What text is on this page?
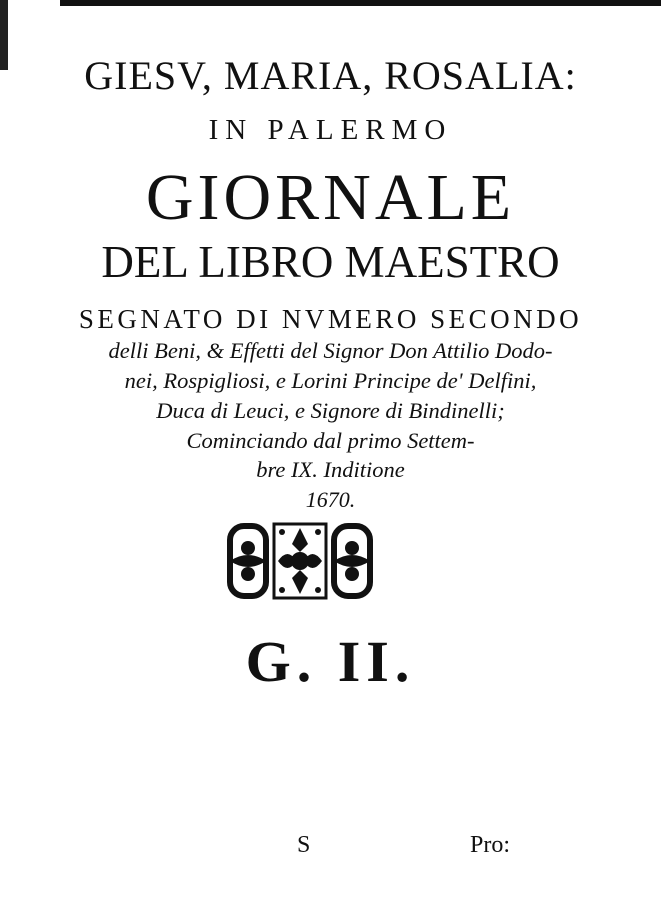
GIESV, MARIA, ROSALIA:
IN PALERMO
GIORNALE
DEL LIBRO MAESTRO
SEGNATO DI NVMERO SECONDO
delli Beni, & Effetti del Signor Don Attilio Dodo-
nei, Rospigliosi, e Lorini Principe de' Delfini,
Duca di Leuci, e Signore di Bindinelli;
Cominciando dal primo Settem-
bre IX. Inditione
1670.
G. II.
S	Pro:
